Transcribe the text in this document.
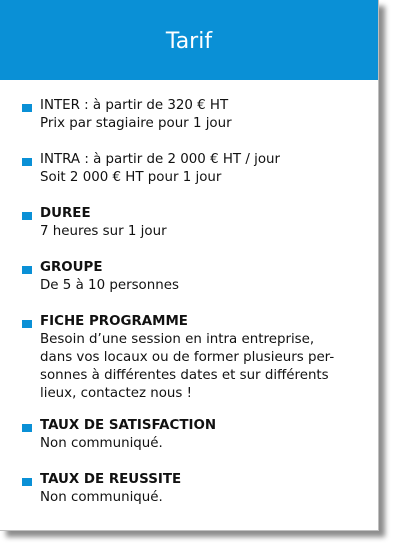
Tarif
INTER : à partir de 320 € HT
Prix par stagiaire pour 1 jour
INTRA : à partir de 2 000 € HT / jour
Soit 2 000 € HT pour 1 jour
DUREE
7 heures sur 1 jour
GROUPE
De 5 à 10 personnes
FICHE PROGRAMME
Besoin d’une session en intra entreprise,
dans vos locaux ou de former plusieurs per-
sonnes à différentes dates et sur différents
lieux, contactez nous !
TAUX DE SATISFACTION
Non communiqué.
TAUX DE REUSSITE
Non communiqué.
